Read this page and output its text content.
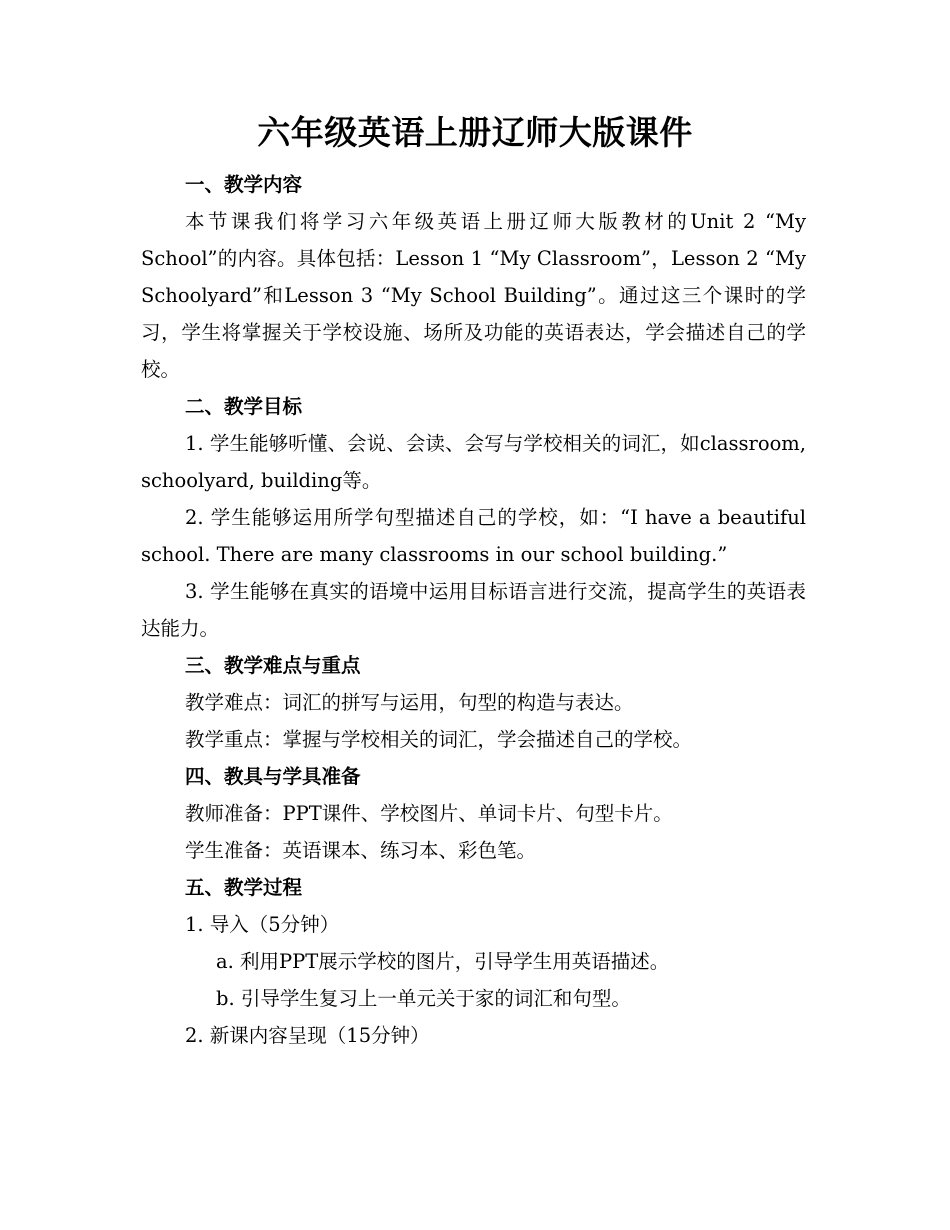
六年级英语上册辽师大版课件

一、教学内容

本节课我们将学习六年级英语上册辽师大版教材的Unit 2 “My School”的内容。具体包括：Lesson 1 “My Classroom”，Lesson 2 “My Schoolyard”和Lesson 3 “My School Building”。通过这三个课时的学习，学生将掌握关于学校设施、场所及功能的英语表达，学会描述自己的学校。

二、教学目标

1. 学生能够听懂、会说、会读、会写与学校相关的词汇，如classroom, schoolyard, building等。

2. 学生能够运用所学句型描述自己的学校，如：“I have a beautiful school. There are many classrooms in our school building.”

3. 学生能够在真实的语境中运用目标语言进行交流，提高学生的英语表达能力。

三、教学难点与重点

教学难点：词汇的拼写与运用，句型的构造与表达。

教学重点：掌握与学校相关的词汇，学会描述自己的学校。

四、教具与学具准备

教师准备：PPT课件、学校图片、单词卡片、句型卡片。

学生准备：英语课本、练习本、彩色笔。

五、教学过程

1. 导入（5分钟）

a. 利用PPT展示学校的图片，引导学生用英语描述。

b. 引导学生复习上一单元关于家的词汇和句型。

2. 新课内容呈现（15分钟）
